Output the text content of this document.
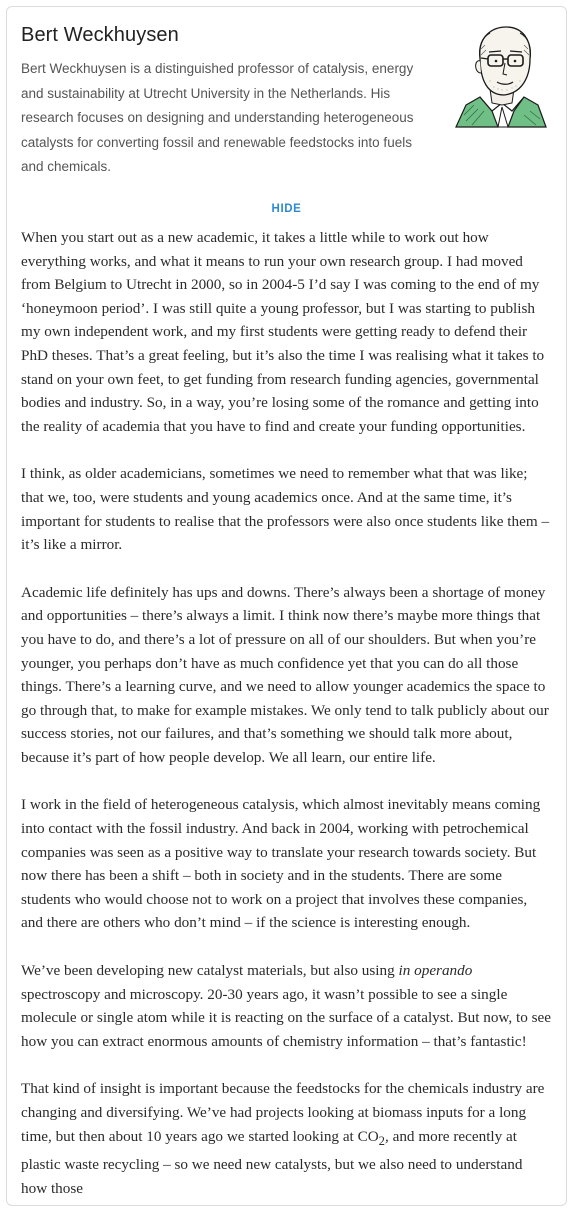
Bert Weckhuysen
Bert Weckhuysen is a distinguished professor of catalysis, energy and sustainability at Utrecht University in the Netherlands. His research focuses on designing and understanding heterogeneous catalysts for converting fossil and renewable feedstocks into fuels and chemicals.
HIDE

When you start out as a new academic, it takes a little while to work out how everything works, and what it means to run your own research group. I had moved from Belgium to Utrecht in 2000, so in 2004-5 I’d say I was coming to the end of my ‘honeymoon period’. I was still quite a young professor, but I was starting to publish my own independent work, and my first students were getting ready to defend their PhD theses. That’s a great feeling, but it’s also the time I was realising what it takes to stand on your own feet, to get funding from research funding agencies, governmental bodies and industry. So, in a way, you’re losing some of the romance and getting into the reality of academia that you have to find and create your funding opportunities.

I think, as older academicians, sometimes we need to remember what that was like; that we, too, were students and young academics once. And at the same time, it’s important for students to realise that the professors were also once students like them – it’s like a mirror.

Academic life definitely has ups and downs. There’s always been a shortage of money and opportunities – there’s always a limit. I think now there’s maybe more things that you have to do, and there’s a lot of pressure on all of our shoulders. But when you’re younger, you perhaps don’t have as much confidence yet that you can do all those things. There’s a learning curve, and we need to allow younger academics the space to go through that, to make for example mistakes. We only tend to talk publicly about our success stories, not our failures, and that’s something we should talk more about, because it’s part of how people develop. We all learn, our entire life.

I work in the field of heterogeneous catalysis, which almost inevitably means coming into contact with the fossil industry. And back in 2004, working with petrochemical companies was seen as a positive way to translate your research towards society. But now there has been a shift – both in society and in the students. There are some students who would choose not to work on a project that involves these companies, and there are others who don’t mind – if the science is interesting enough.

We’ve been developing new catalyst materials, but also using in operando spectroscopy and microscopy. 20-30 years ago, it wasn’t possible to see a single molecule or single atom while it is reacting on the surface of a catalyst. But now, to see how you can extract enormous amounts of chemistry information – that’s fantastic!

That kind of insight is important because the feedstocks for the chemicals industry are changing and diversifying. We’ve had projects looking at biomass inputs for a long time, but then about 10 years ago we started looking at $CO_2$, and more recently at plastic waste recycling – so we need new catalysts, but we also need to understand how those
